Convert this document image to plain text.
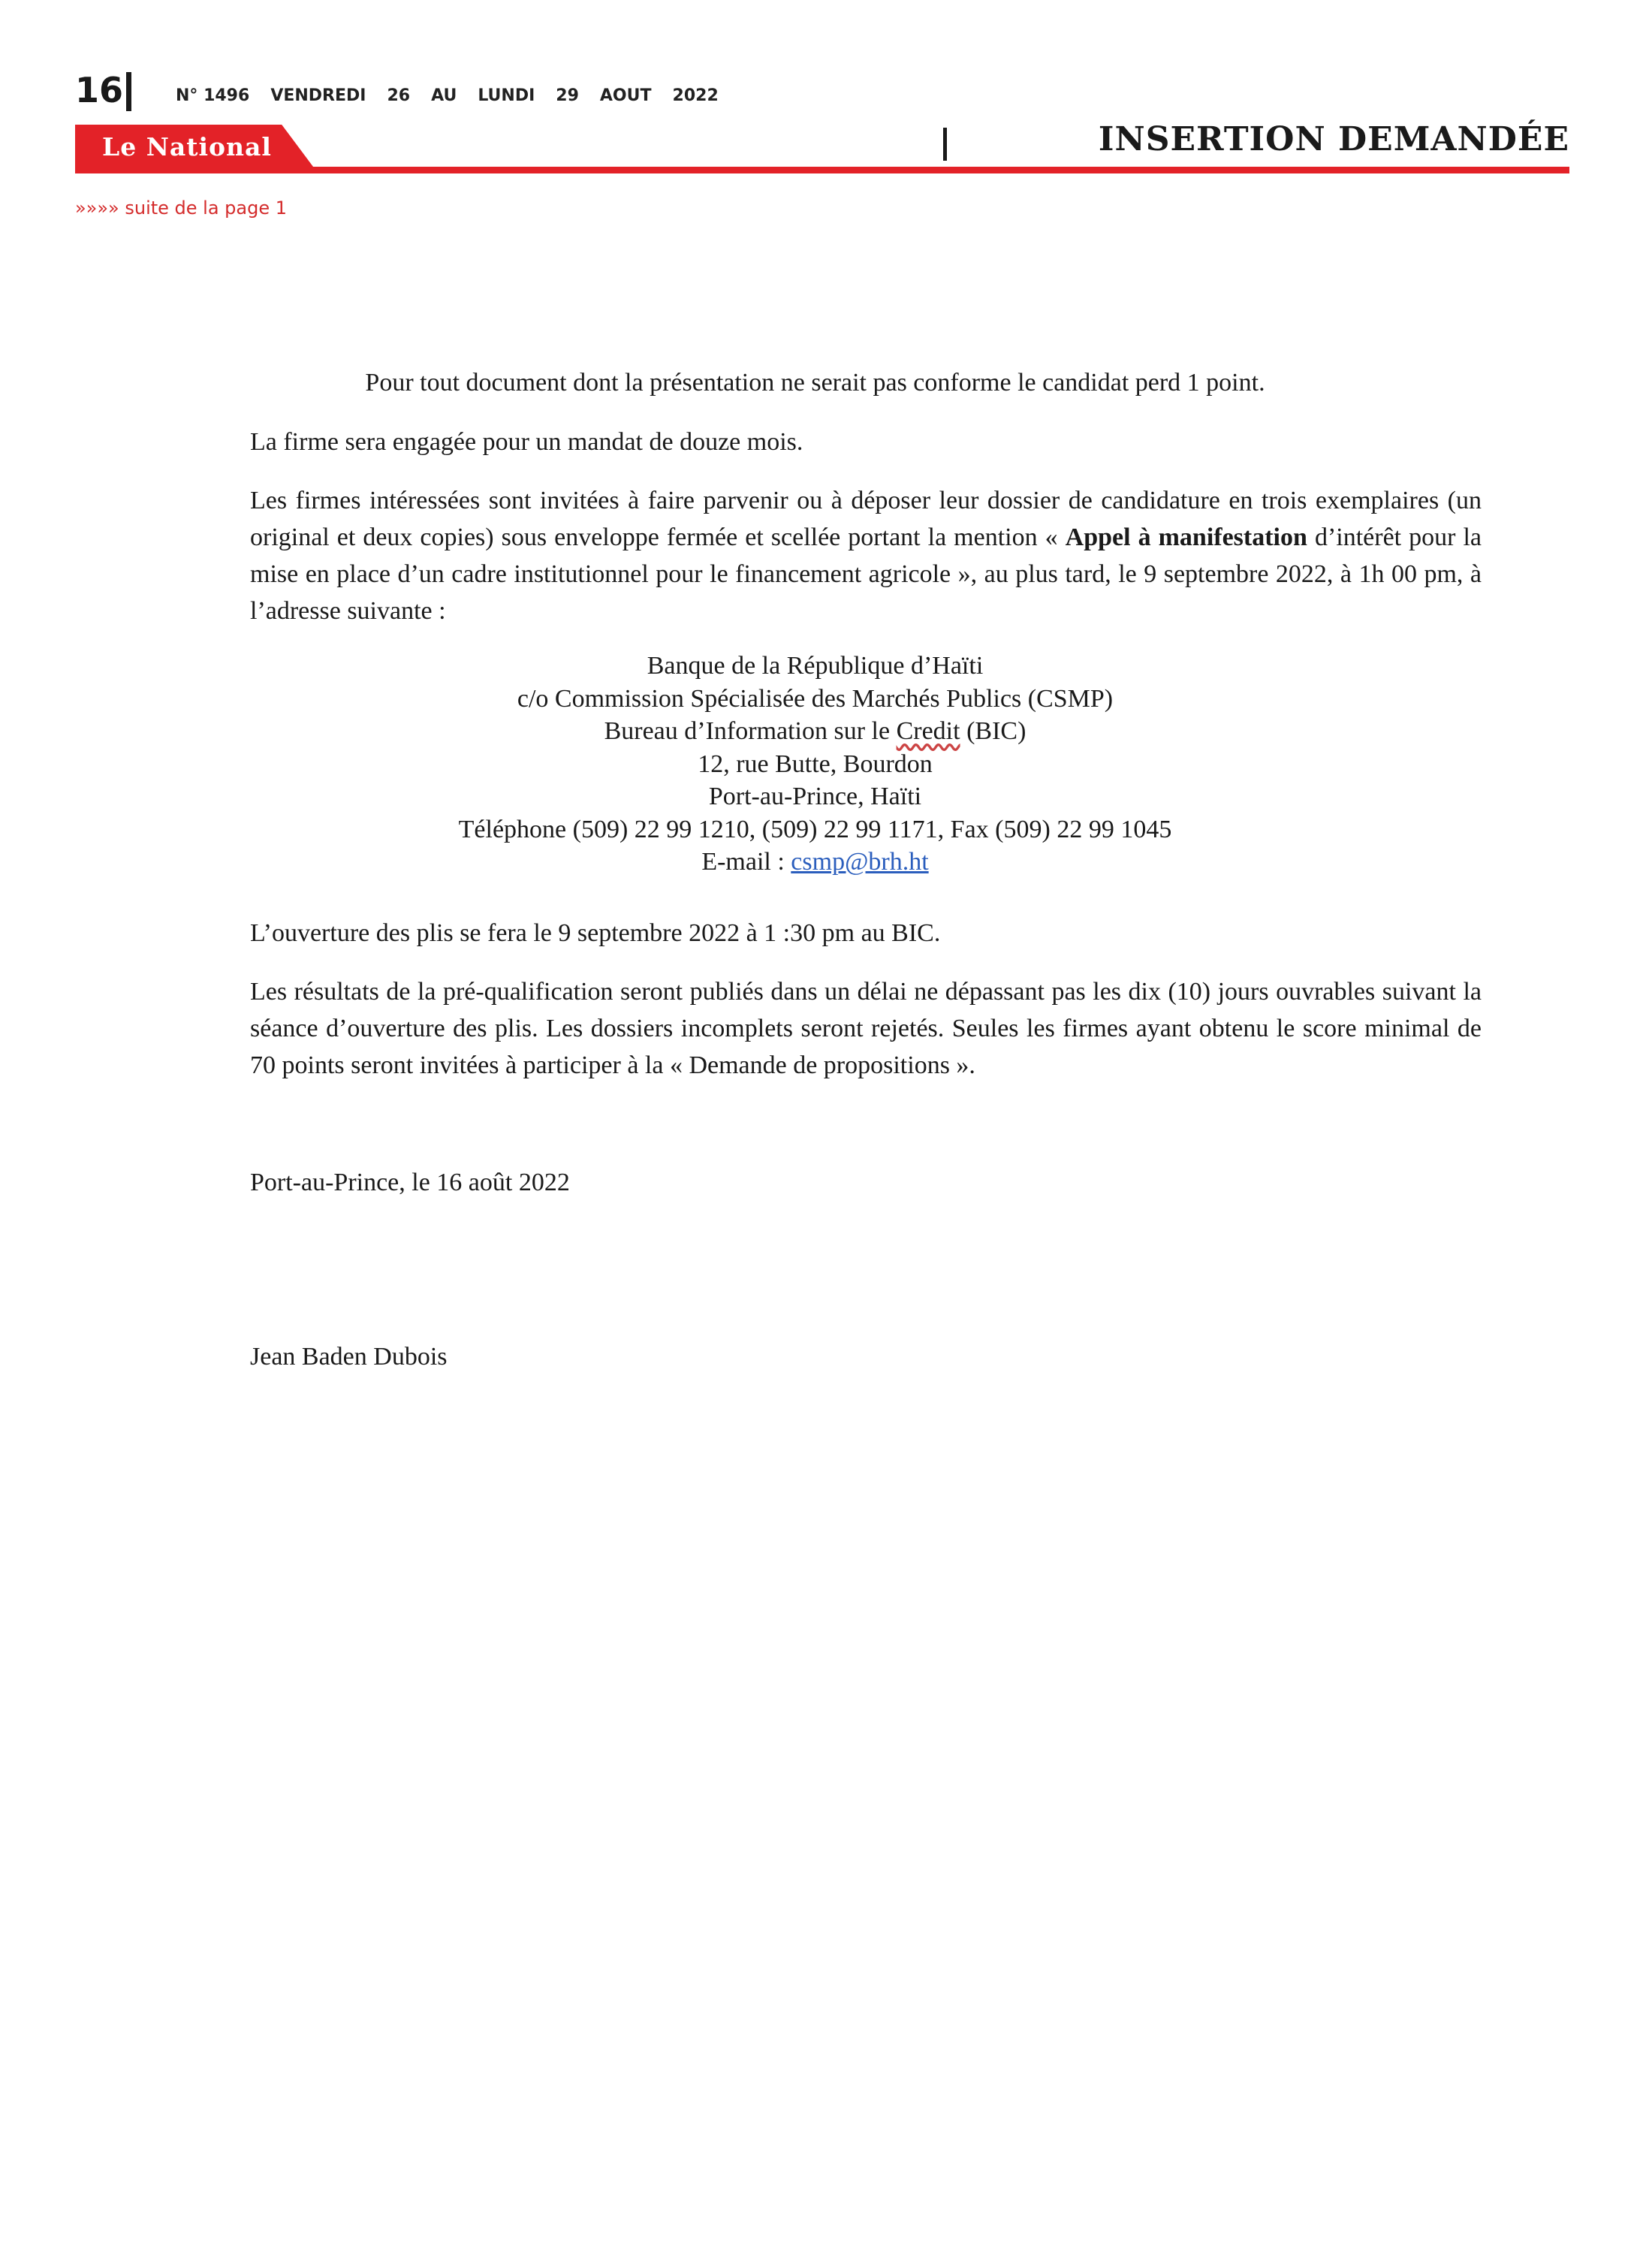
16	N° 1496 VENDREDI 26 AU LUNDI 29 AOUT 2022
Le National	INSERTION DEMANDÉE
»»»» suite de la page 1
Pour tout document dont la présentation ne serait pas conforme le candidat perd 1 point.
La firme sera engagée pour un mandat de douze mois.
Les firmes intéressées sont invitées à faire parvenir ou à déposer leur dossier de candidature en trois exemplaires (un original et deux copies) sous enveloppe fermée et scellée portant la mention « Appel à manifestation d’intérêt pour la mise en place d’un cadre institutionnel pour le financement agricole », au plus tard, le 9 septembre 2022, à 1h 00 pm, à l’adresse suivante :
Banque de la République d’Haïti
c/o Commission Spécialisée des Marchés Publics (CSMP)
Bureau d’Information sur le Credit (BIC)
12, rue Butte, Bourdon
Port-au-Prince, Haïti
Téléphone (509) 22 99 1210, (509) 22 99 1171, Fax (509) 22 99 1045
E-mail : csmp@brh.ht
L’ouverture des plis se fera le 9 septembre 2022 à 1 :30 pm au BIC.
Les résultats de la pré-qualification seront publiés dans un délai ne dépassant pas les dix (10) jours ouvrables suivant la séance d’ouverture des plis. Les dossiers incomplets seront rejetés. Seules les firmes ayant obtenu le score minimal de 70 points seront invitées à participer à la « Demande de propositions ».
Port-au-Prince, le 16 août 2022
Jean Baden Dubois
